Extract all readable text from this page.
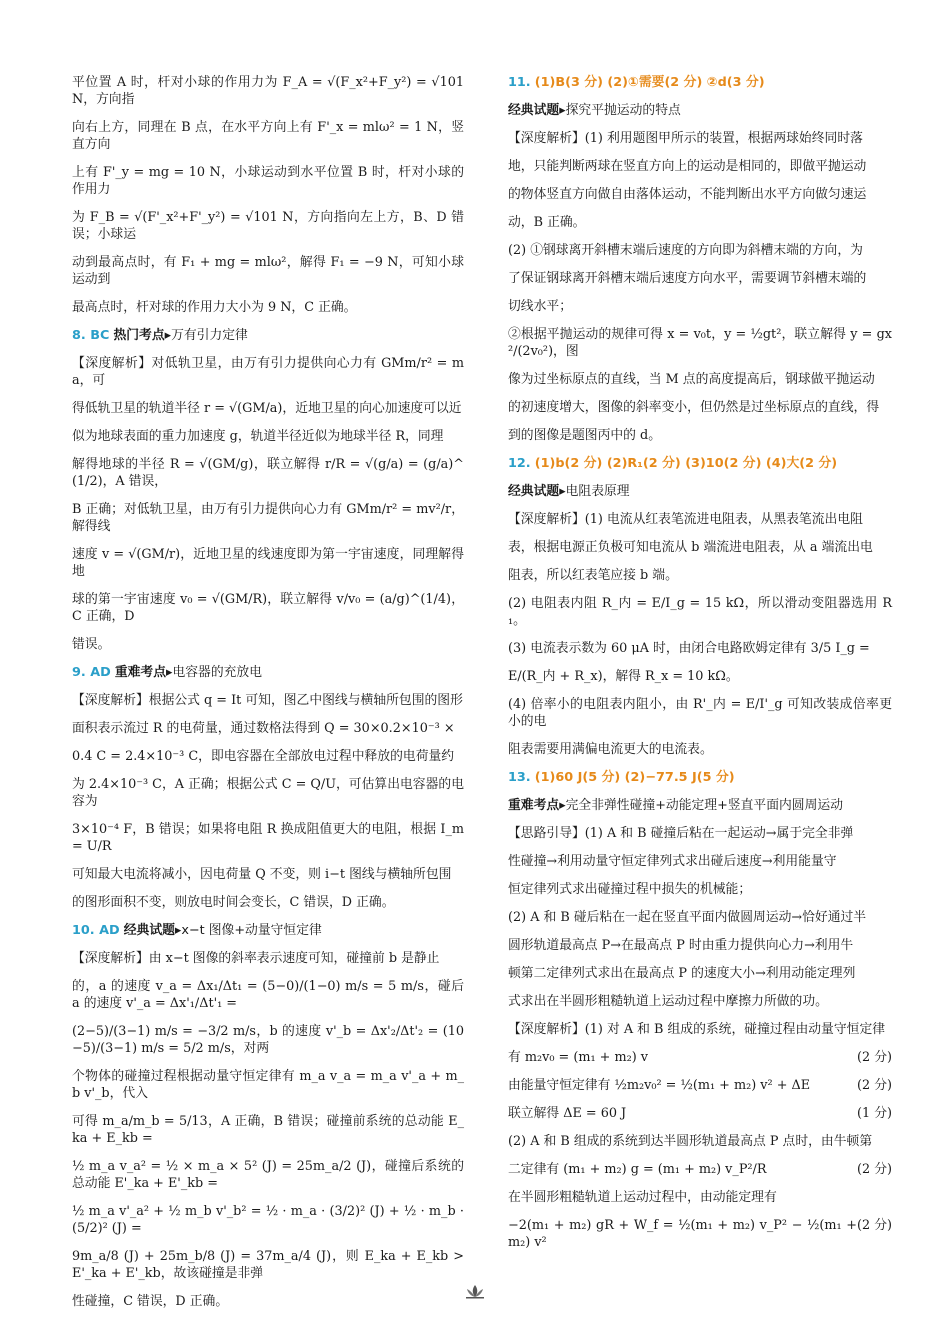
平位置 A 时，杆对小球的作用力为 F_A = √(F_x²+F_y²) = √101 N，方向指
向右上方，同理在 B 点，在水平方向上有 F'_x = mlω² = 1 N，竖直方向
上有 F'_y = mg = 10 N，小球运动到水平位置 B 时，杆对小球的作用力
为 F_B = √(F'_x²+F'_y²) = √101 N，方向指向左上方，B、D 错误；小球运
动到最高点时，有 F₁ + mg = mlω²，解得 F₁ = −9 N，可知小球运动到
最高点时，杆对球的作用力大小为 9 N，C 正确。
8. BC 热门考点▸万有引力定律
【深度解析】对低轨卫星，由万有引力提供向心力有 GMm/r² = ma，可
得低轨卫星的轨道半径 r = √(GM/a)，近地卫星的向心加速度可以近
似为地球表面的重力加速度 g，轨道半径近似为地球半径 R，同理
解得地球的半径 R = √(GM/g)，联立解得 r/R = √(g/a) = (g/a)^(1/2)，A 错误，
B 正确；对低轨卫星，由万有引力提供向心力有 GMm/r² = mv²/r，解得线
速度 v = √(GM/r)，近地卫星的线速度即为第一宇宙速度，同理解得地
球的第一宇宙速度 v₀ = √(GM/R)，联立解得 v/v₀ = (a/g)^(1/4)，C 正确，D
错误。
9. AD 重难考点▸电容器的充放电
【深度解析】根据公式 q = It 可知，图乙中图线与横轴所包围的图形
面积表示流过 R 的电荷量，通过数格法得到 Q = 30×0.2×10⁻³ ×
0.4 C = 2.4×10⁻³ C，即电容器在全部放电过程中释放的电荷量约
为 2.4×10⁻³ C，A 正确；根据公式 C = Q/U，可估算出电容器的电容为
3×10⁻⁴ F，B 错误；如果将电阻 R 换成阻值更大的电阻，根据 I_m = U/R
可知最大电流将减小，因电荷量 Q 不变，则 i−t 图线与横轴所包围
的图形面积不变，则放电时间会变长，C 错误，D 正确。
10. AD 经典试题▸x−t 图像+动量守恒定律
【深度解析】由 x−t 图像的斜率表示速度可知，碰撞前 b 是静止
的，a 的速度 v_a = Δx₁/Δt₁ = (5−0)/(1−0) m/s = 5 m/s，碰后 a 的速度 v'_a = Δx'₁/Δt'₁ =
(2−5)/(3−1) m/s = −3/2 m/s，b 的速度 v'_b = Δx'₂/Δt'₂ = (10−5)/(3−1) m/s = 5/2 m/s，对两
个物体的碰撞过程根据动量守恒定律有 m_a v_a = m_a v'_a + m_b v'_b，代入
可得 m_a/m_b = 5/13，A 正确，B 错误；碰撞前系统的总动能 E_ka + E_kb =
½ m_a v_a² = ½ × m_a × 5² (J) = 25m_a/2 (J)，碰撞后系统的总动能 E'_ka + E'_kb =
½ m_a v'_a² + ½ m_b v'_b² = ½ · m_a · (3/2)² (J) + ½ · m_b · (5/2)² (J) =
9m_a/8 (J) + 25m_b/8 (J) = 37m_a/4 (J)，则 E_ka + E_kb > E'_ka + E'_kb，故该碰撞是非弹
性碰撞，C 错误，D 正确。
11. (1)B(3 分) (2)①需要(2 分) ②d(3 分)
经典试题▸探究平抛运动的特点
【深度解析】(1) 利用题图甲所示的装置，根据两球始终同时落
地，只能判断两球在竖直方向上的运动是相同的，即做平抛运动
的物体竖直方向做自由落体运动，不能判断出水平方向做匀速运
动，B 正确。
(2) ①钢球离开斜槽末端后速度的方向即为斜槽末端的方向，为
了保证钢球离开斜槽末端后速度方向水平，需要调节斜槽末端的
切线水平；
②根据平抛运动的规律可得 x = v₀t，y = ½gt²，联立解得 y = gx²/(2v₀²)，图
像为过坐标原点的直线，当 M 点的高度提高后，钢球做平抛运动
的初速度增大，图像的斜率变小，但仍然是过坐标原点的直线，得
到的图像是题图丙中的 d。
12. (1)b(2 分) (2)R₁(2 分) (3)10(2 分) (4)大(2 分)
经典试题▸电阻表原理
【深度解析】(1) 电流从红表笔流进电阻表，从黑表笔流出电阻
表，根据电源正负极可知电流从 b 端流进电阻表，从 a 端流出电
阻表，所以红表笔应接 b 端。
(2) 电阻表内阻 R_内 = E/I_g = 15 kΩ，所以滑动变阻器选用 R₁。
(3) 电流表示数为 60 μA 时，由闭合电路欧姆定律有 3/5 I_g =
E/(R_内 + R_x)，解得 R_x = 10 kΩ。
(4) 倍率小的电阻表内阻小，由 R'_内 = E/I'_g 可知改装成倍率更小的电
阻表需要用满偏电流更大的电流表。
13. (1)60 J(5 分) (2)−77.5 J(5 分)
重难考点▸完全非弹性碰撞+动能定理+竖直平面内圆周运动
【思路引导】(1) A 和 B 碰撞后粘在一起运动→属于完全非弹
性碰撞→利用动量守恒定律列式求出碰后速度→利用能量守
恒定律列式求出碰撞过程中损失的机械能；
(2) A 和 B 碰后粘在一起在竖直平面内做圆周运动→恰好通过半
圆形轨道最高点 P→在最高点 P 时由重力提供向心力→利用牛
顿第二定律列式求出在最高点 P 的速度大小→利用动能定理列
式求出在半圆形粗糙轨道上运动过程中摩擦力所做的功。
【深度解析】(1) 对 A 和 B 组成的系统，碰撞过程由动量守恒定律
有 m₂v₀ = (m₁ + m₂) v	(2 分)
由能量守恒定律有 ½m₂v₀² = ½(m₁ + m₂) v² + ΔE	(2 分)
联立解得 ΔE = 60 J	(1 分)
(2) A 和 B 组成的系统到达半圆形轨道最高点 P 点时，由牛顿第
二定律有 (m₁ + m₂) g = (m₁ + m₂) v_P²/R	(2 分)
在半圆形粗糙轨道上运动过程中，由动能定理有
−2(m₁ + m₂) gR + W_f = ½(m₁ + m₂) v_P² − ½(m₁ + m₂) v²
(2 分)
